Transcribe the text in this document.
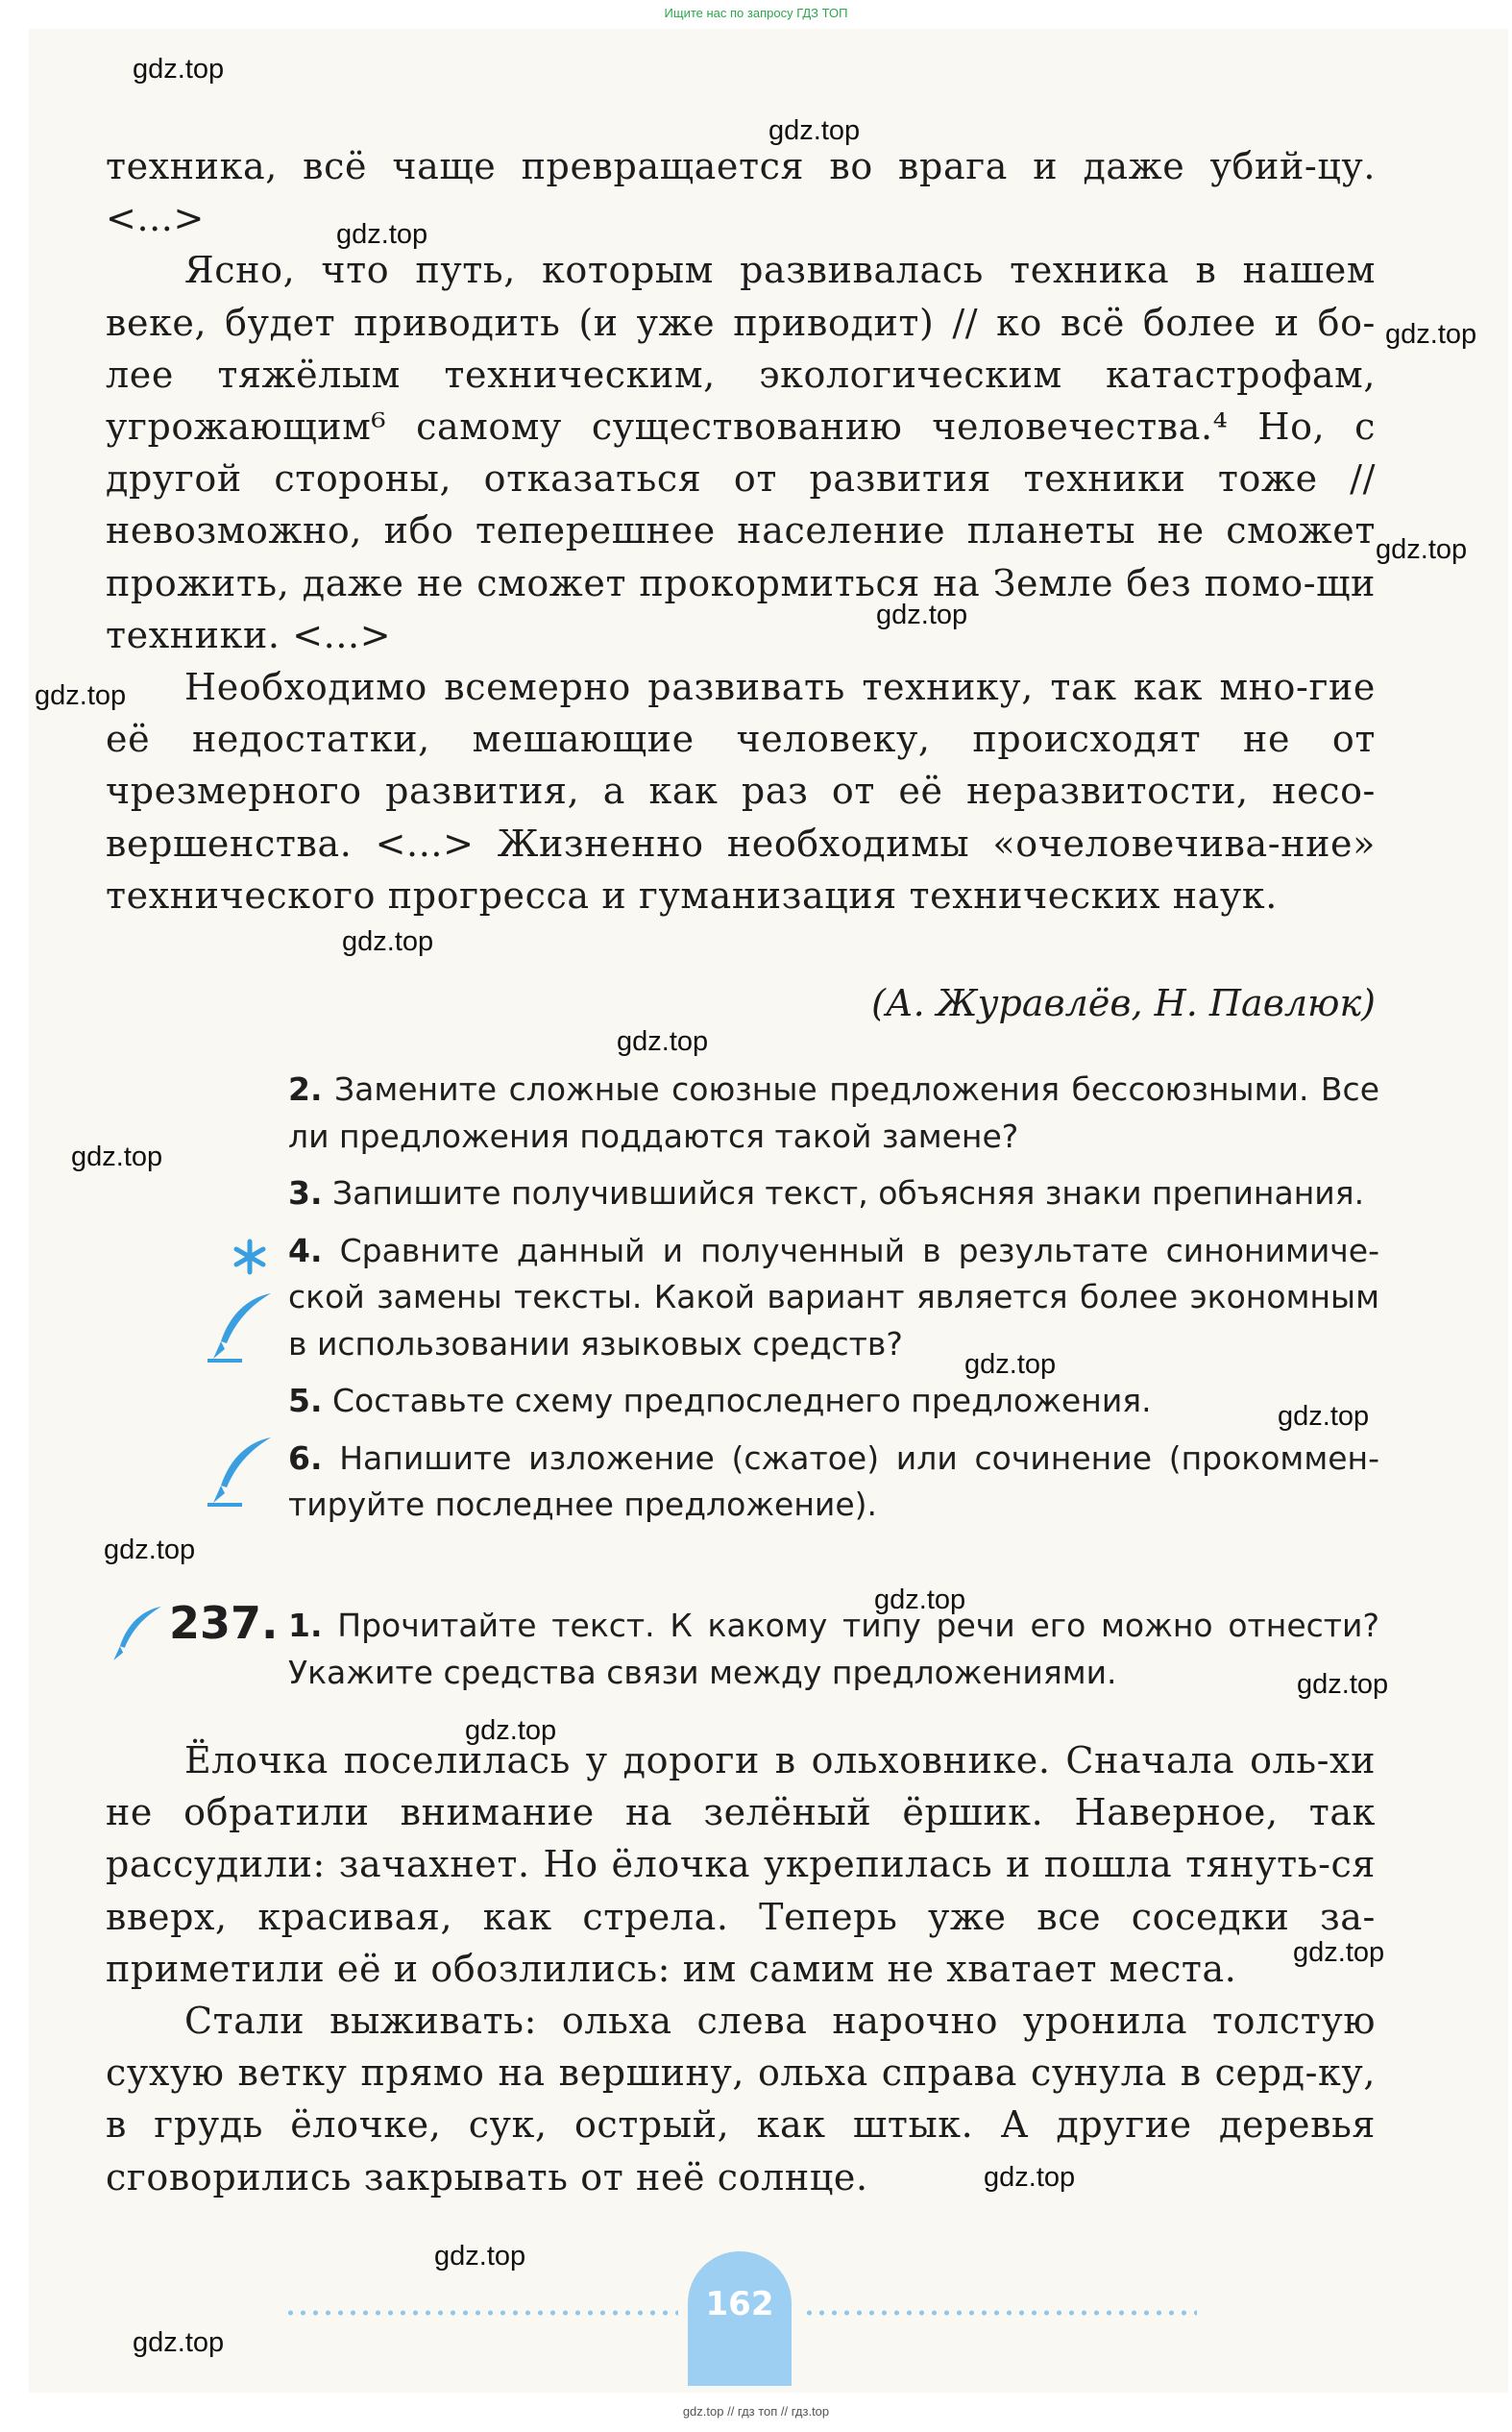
Ищите нас по запросу ГДЗ ТОП

техника, всё чаще превращается во врага и даже убий-цу. <...>

Ясно, что путь, которым развивалась техника в нашем веке, будет приводить (и уже приводит) // ко всё более и бо-лее тяжёлым техническим, экологическим катастрофам, угрожающим⁶ самому существованию человечества.⁴ Но, с другой стороны, отказаться от развития техники тоже // невозможно, ибо теперешнее население планеты не сможет прожить, даже не сможет прокормиться на Земле без помо-щи техники. <...>

Необходимо всемерно развивать технику, так как мно-гие её недостатки, мешающие человеку, происходят не от чрезмерного развития, а как раз от её неразвитости, несо-вершенства. <...> Жизненно необходимы «очеловечива-ние» технического прогресса и гуманизация технических наук.

(А. Журавлёв, Н. Павлюк)

2. Замените сложные союзные предложения бессоюзными. Все ли предложения поддаются такой замене?

3. Запишите получившийся текст, объясняя знаки препинания.

4. Сравните данный и полученный в результате синонимиче-ской замены тексты. Какой вариант является более экономным в использовании языковых средств?

5. Составьте схему предпоследнего предложения.

6. Напишите изложение (сжатое) или сочинение (прокоммен-тируйте последнее предложение).

237. 1. Прочитайте текст. К какому типу речи его можно отнести? Укажите средства связи между предложениями.

Ёлочка поселилась у дороги в ольховнике. Сначала оль-хи не обратили внимание на зелёный ёршик. Наверное, так рассудили: зачахнет. Но ёлочка укрепилась и пошла тянуть-ся вверх, красивая, как стрела. Теперь уже все соседки за-приметили её и обозлились: им самим не хватает места.

Стали выживать: ольха слева нарочно уронила толстую сухую ветку прямо на вершину, ольха справа сунула в серд-ку, в грудь ёлочке, сук, острый, как штык. А другие деревья сговорились закрывать от неё солнце.

162
gdz.top
gdz.top
gdz.top
gdz.top
gdz.top
gdz.top
gdz.top
gdz.top
gdz.top
gdz.top
gdz.top
gdz.top
gdz.top
gdz.top
gdz.top
gdz.top
gdz.top
gdz.top
gdz.top
gdz.top
gdz.top // гдз топ // гдз.top
